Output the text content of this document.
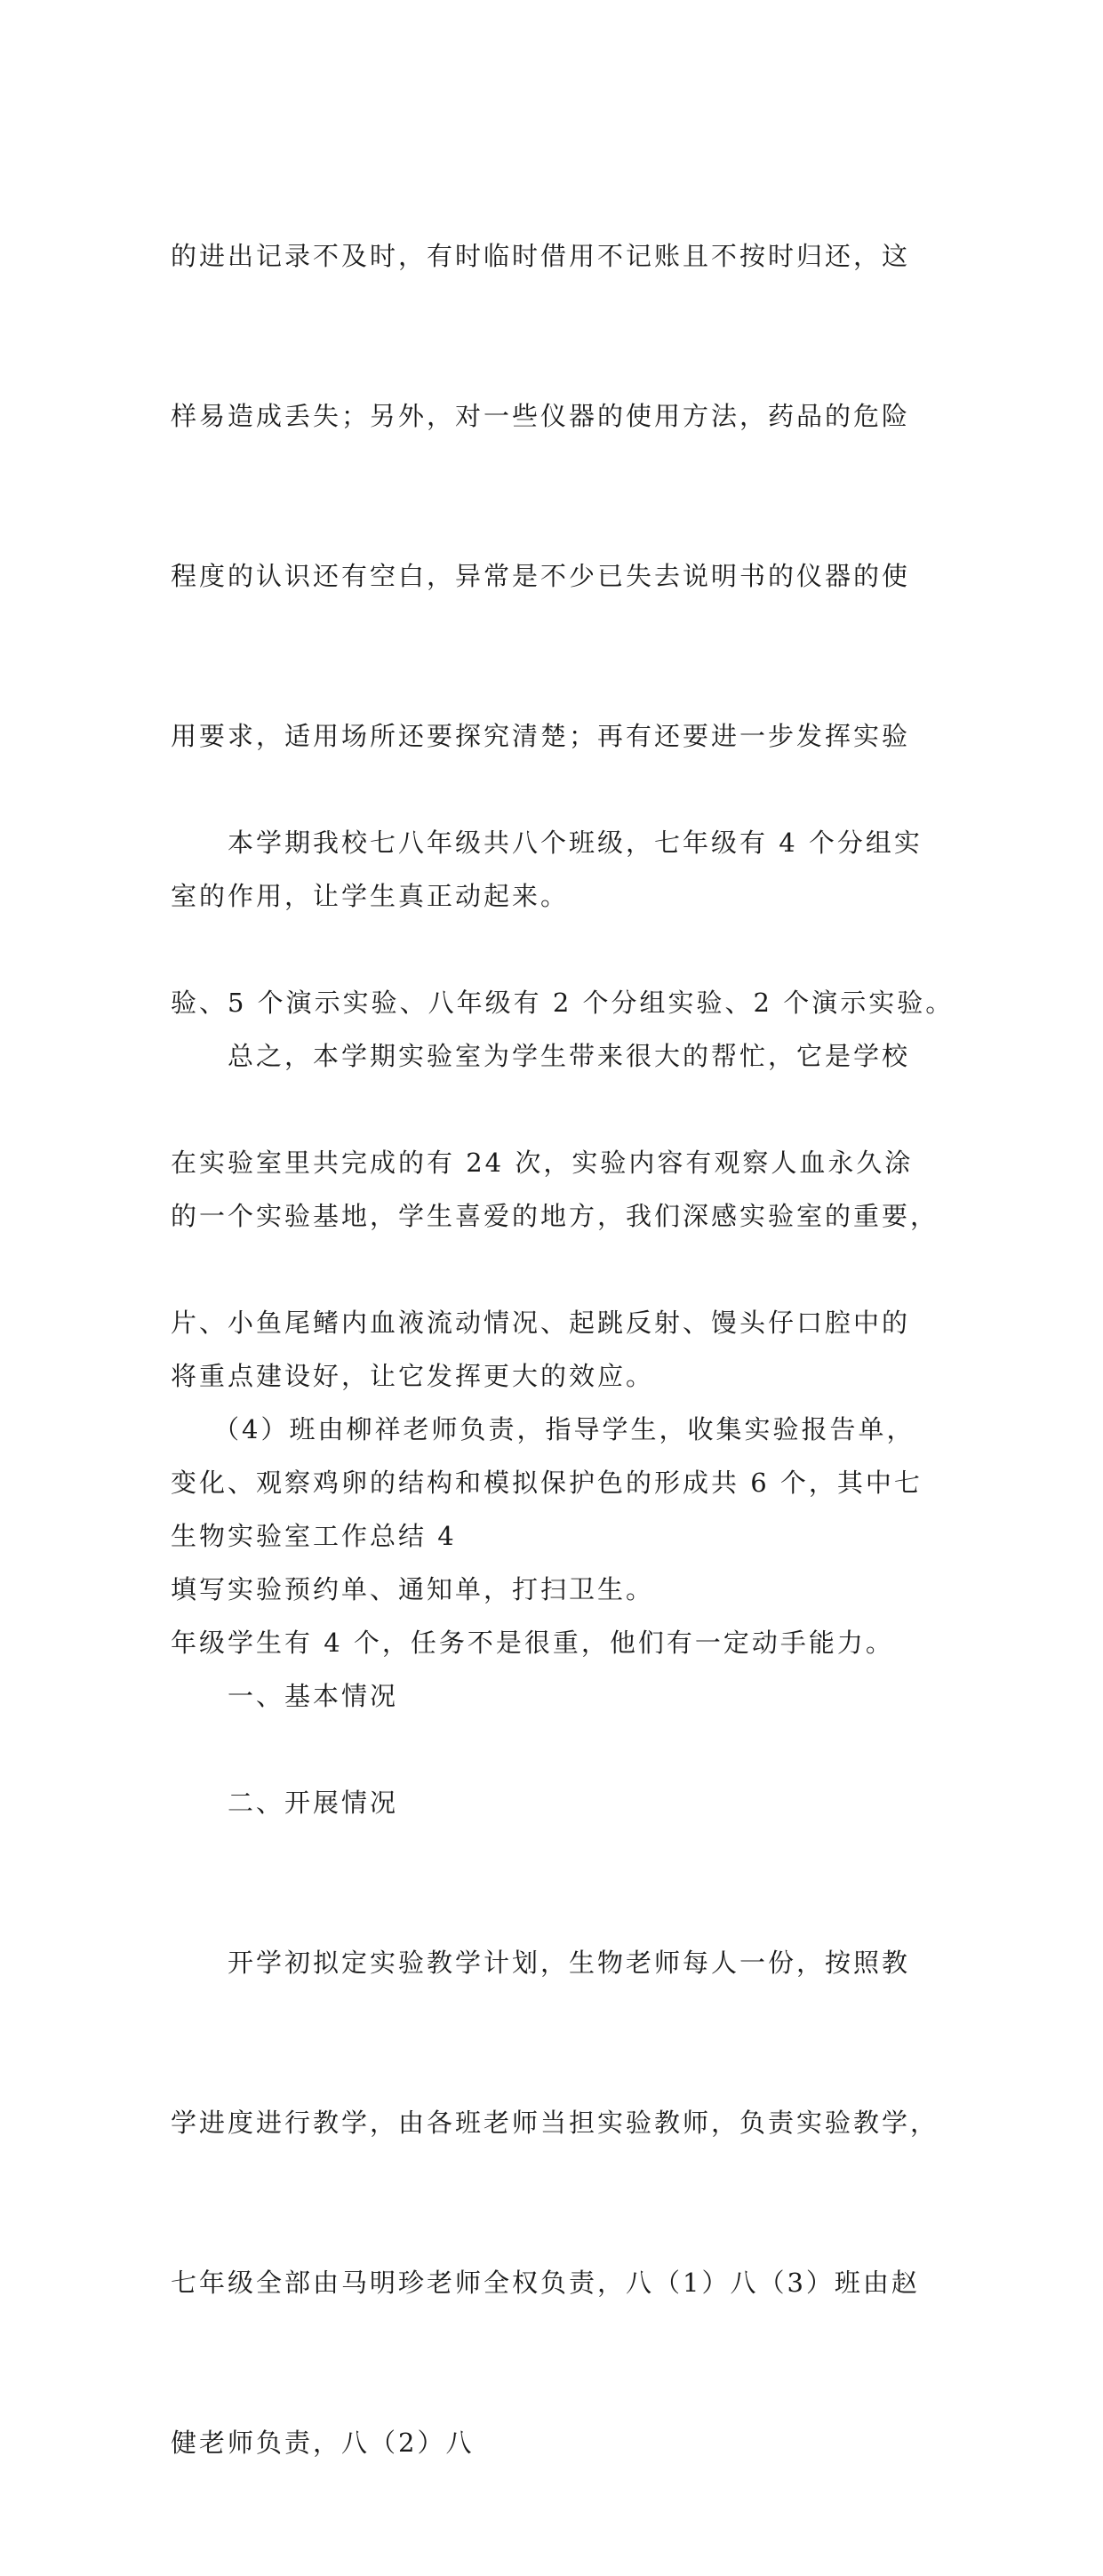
的进出记录不及时，有时临时借用不记账且不按时归还，这

样易造成丢失；另外，对一些仪器的使用方法，药品的危险

程度的认识还有空白，异常是不少已失去说明书的仪器的使

用要求，适用场所还要探究清楚；再有还要进一步发挥实验

室的作用，让学生真正动起来。

总之，本学期实验室为学生带来很大的帮忙，它是学校

的一个实验基地，学生喜爱的地方，我们深感实验室的重要，

将重点建设好，让它发挥更大的效应。

生物实验室工作总结 4

一、基本情况

本学期我校七八年级共八个班级，七年级有 4 个分组实

验、5 个演示实验、八年级有 2 个分组实验、2 个演示实验。

在实验室里共完成的有 24 次，实验内容有观察人血永久涂

片、小鱼尾鳍内血液流动情况、起跳反射、馒头仔口腔中的

变化、观察鸡卵的结构和模拟保护色的形成共 6 个，其中七

年级学生有 4 个，任务不是很重，他们有一定动手能力。

二、开展情况

开学初拟定实验教学计划，生物老师每人一份，按照教

学进度进行教学，由各班老师当担实验教师，负责实验教学，

七年级全部由马明珍老师全权负责，八（1）八（3）班由赵

健老师负责，八（2）八

（4）班由柳祥老师负责，指导学生，收集实验报告单，

填写实验预约单、通知单，打扫卫生。
